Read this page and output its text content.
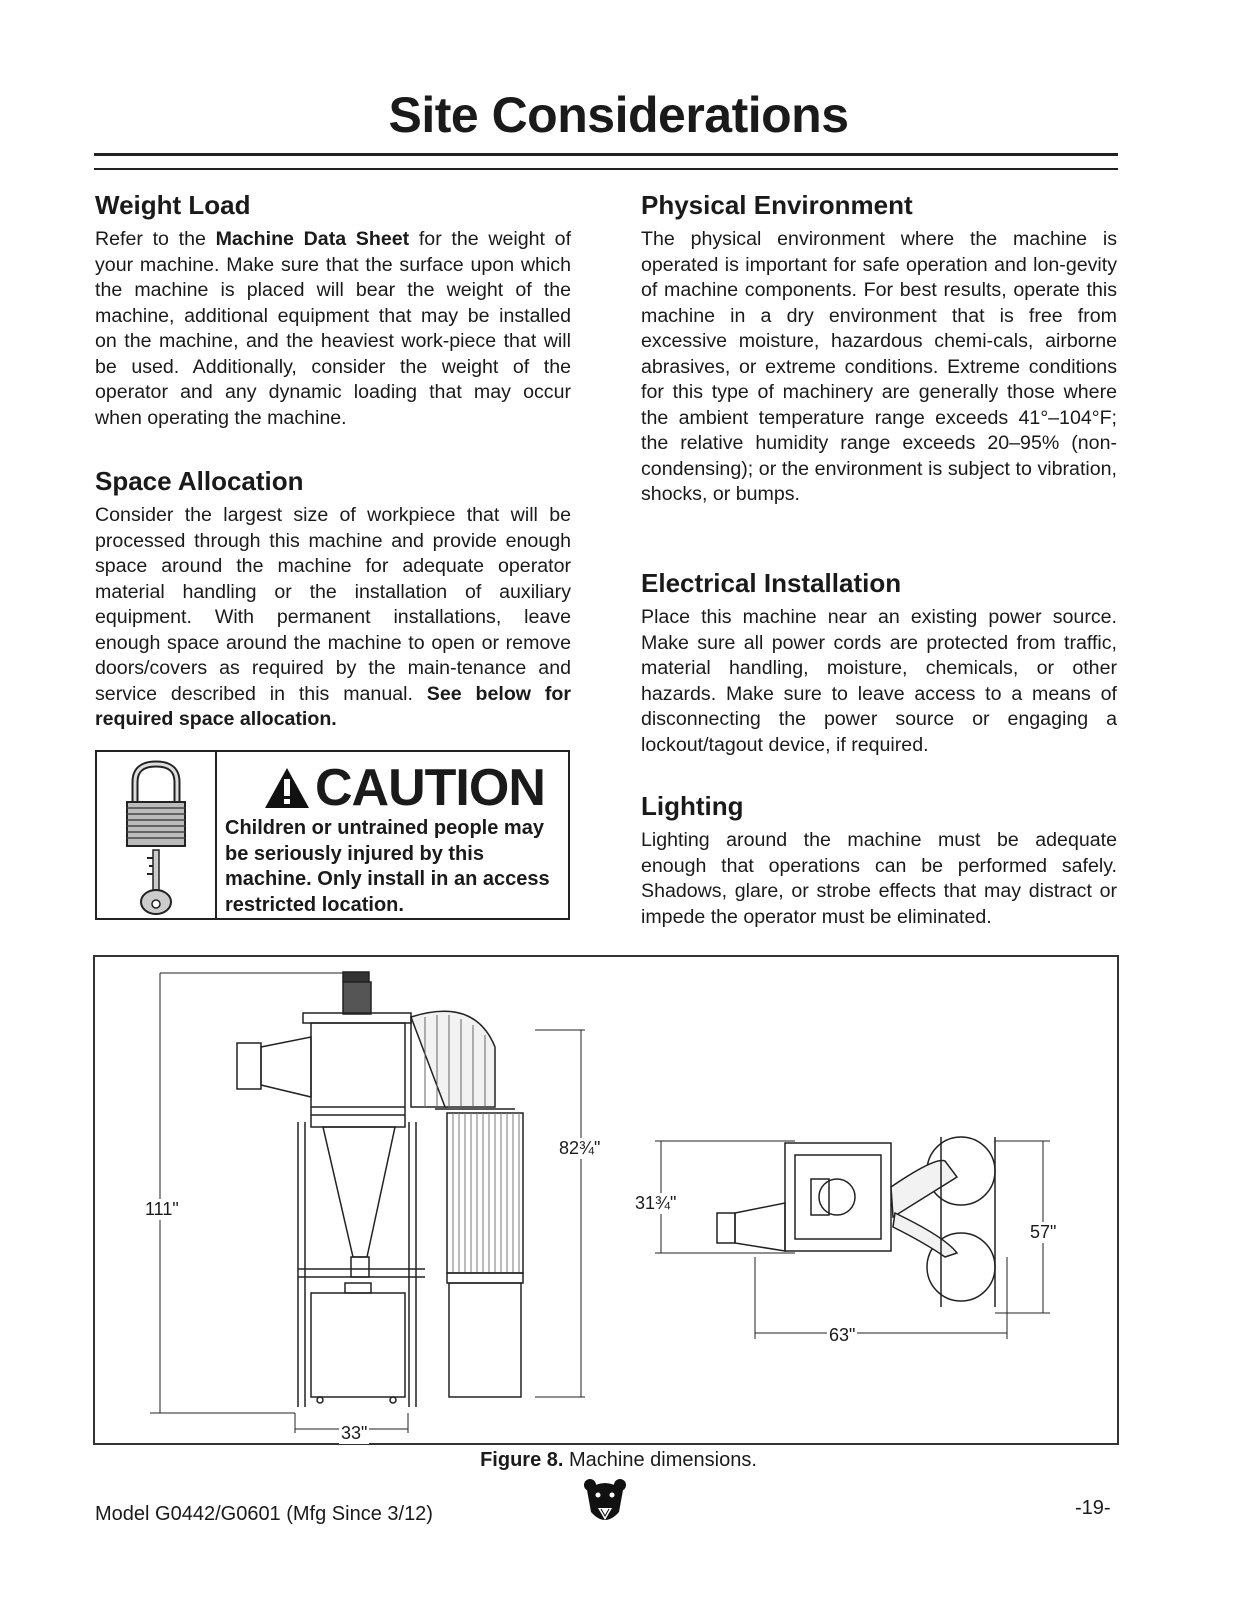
Site Considerations
Weight Load

Refer to the Machine Data Sheet for the weight of your machine. Make sure that the surface upon which the machine is placed will bear the weight of the machine, additional equipment that may be installed on the machine, and the heaviest work-piece that will be used. Additionally, consider the weight of the operator and any dynamic loading that may occur when operating the machine.

Space Allocation

Consider the largest size of workpiece that will be processed through this machine and provide enough space around the machine for adequate operator material handling or the installation of auxiliary equipment. With permanent installations, leave enough space around the machine to open or remove doors/covers as required by the main-tenance and service described in this manual. See below for required space allocation.

CAUTION
Children or untrained people may be seriously injured by this machine. Only install in an access restricted location.
Physical Environment

The physical environment where the machine is operated is important for safe operation and lon-gevity of machine components. For best results, operate this machine in a dry environment that is free from excessive moisture, hazardous chemi-cals, airborne abrasives, or extreme conditions. Extreme conditions for this type of machinery are generally those where the ambient temperature range exceeds 41°–104°F; the relative humidity range exceeds 20–95% (non-condensing); or the environment is subject to vibration, shocks, or bumps.

Electrical Installation

Place this machine near an existing power source. Make sure all power cords are protected from traffic, material handling, moisture, chemicals, or other hazards. Make sure to leave access to a means of disconnecting the power source or engaging a lockout/tagout device, if required.

Lighting

Lighting around the machine must be adequate enough that operations can be performed safely. Shadows, glare, or strobe effects that may distract or impede the operator must be eliminated.

111"
82¾"
33"
31¾"
63"
57"
Figure 8. Machine dimensions.
Model G0442/G0601 (Mfg Since 3/12)	-19-
